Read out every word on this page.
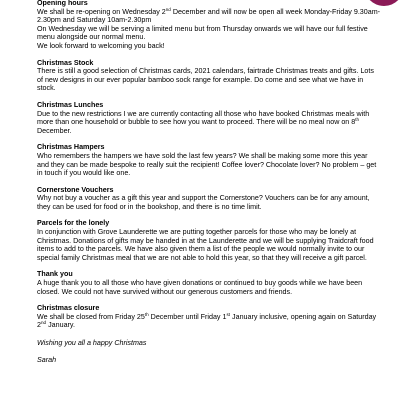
Opening hours

We shall be re-opening on Wednesday 2nd December and will now be open all week Monday-Friday 9.30am-2.30pm and Saturday 10am-2.30pm

On Wednesday we will be serving a limited menu but from Thursday onwards we will have our full festive menu alongside our normal menu.

We look forward to welcoming you back!

Christmas Stock

There is still a good selection of Christmas cards, 2021 calendars, fairtrade Christmas treats and gifts. Lots of new designs in our ever popular bamboo sock range for example. Do come and see what we have in stock.

Christmas Lunches

Due to the new restrictions I we are currently contacting all those who have booked Christmas meals with more than one household or bubble to see how you want to proceed. There will be no meal now on 8th December.

Christmas Hampers

Who remembers the hampers we have sold the last few years? We shall be making some more this year and they can be made bespoke to really suit the recipient! Coffee lover? Chocolate lover? No problem – get in touch if you would like one.

Cornerstone Vouchers

Why not buy a voucher as a gift this year and support the Cornerstone? Vouchers can be for any amount, they can be used for food or in the bookshop, and there is no time limit.

Parcels for the lonely

In conjunction with Grove Launderette we are putting together parcels for those who may be lonely at Christmas. Donations of gifts may be handed in at the Launderette and we will be supplying Traidcraft food items to add to the parcels. We have also given them a list of the people we would normally invite to our special family Christmas meal that we are not able to hold this year, so that they will receive a gift parcel.

Thank you

A huge thank you to all those who have given donations or continued to buy goods while we have been closed. We could not have survived without our generous customers and friends.

Christmas closure

We shall be closed from Friday 25th December until Friday 1st January inclusive, opening again on Saturday 2nd January.

Wishing you all a happy Christmas

Sarah
